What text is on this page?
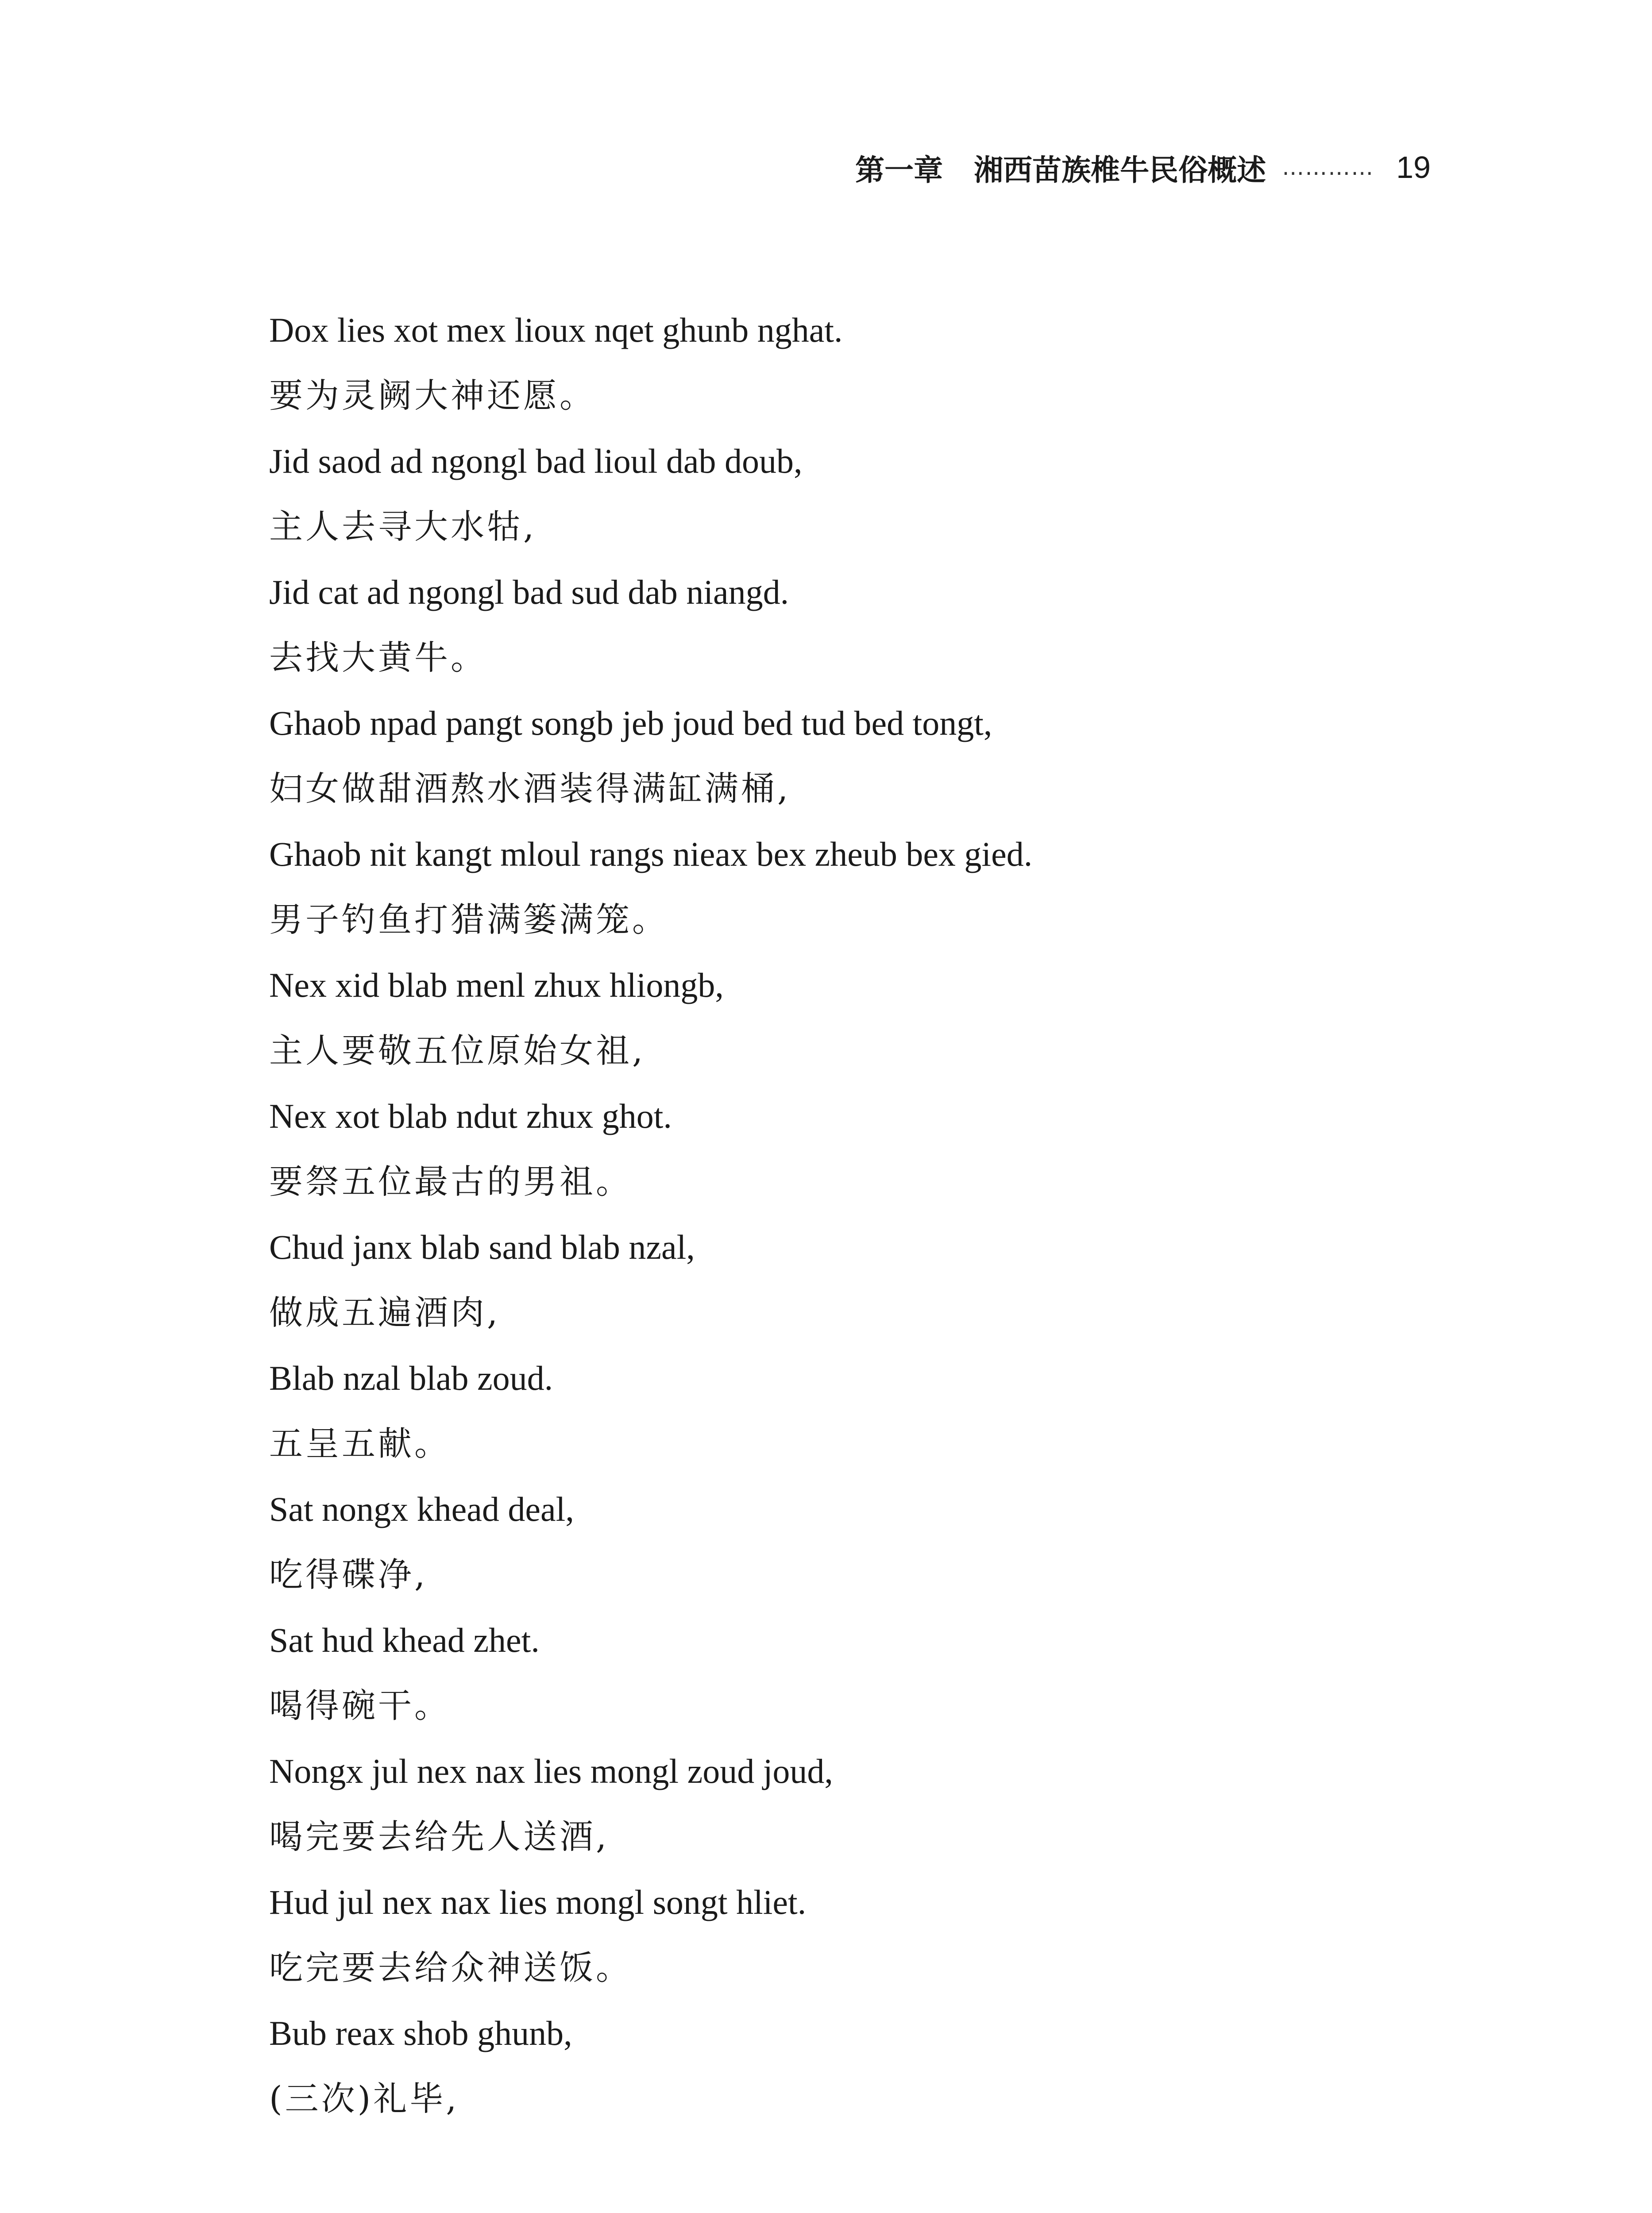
第一章 湘西苗族椎牛民俗概述 ………… 19
Dox lies xot mex lioux nqet ghunb nghat.
要为灵阙大神还愿。
Jid saod ad ngongl bad lioul dab doub,
主人去寻大水牯,
Jid cat ad ngongl bad sud dab niangd.
去找大黄牛。
Ghaob npad pangt songb jeb joud bed tud bed tongt,
妇女做甜酒熬水酒装得满缸满桶,
Ghaob nit kangt mloul rangs nieax bex zheub bex gied.
男子钓鱼打猎满篓满笼。
Nex xid blab menl zhux hliongb,
主人要敬五位原始女祖,
Nex xot blab ndut zhux ghot.
要祭五位最古的男祖。
Chud janx blab sand blab nzal,
做成五遍酒肉,
Blab nzal blab zoud.
五呈五献。
Sat nongx khead deal,
吃得碟净,
Sat hud khead zhet.
喝得碗干。
Nongx jul nex nax lies mongl zoud joud,
喝完要去给先人送酒,
Hud jul nex nax lies mongl songt hliet.
吃完要去给众神送饭。
Bub reax shob ghunb,
(三次)礼毕,
